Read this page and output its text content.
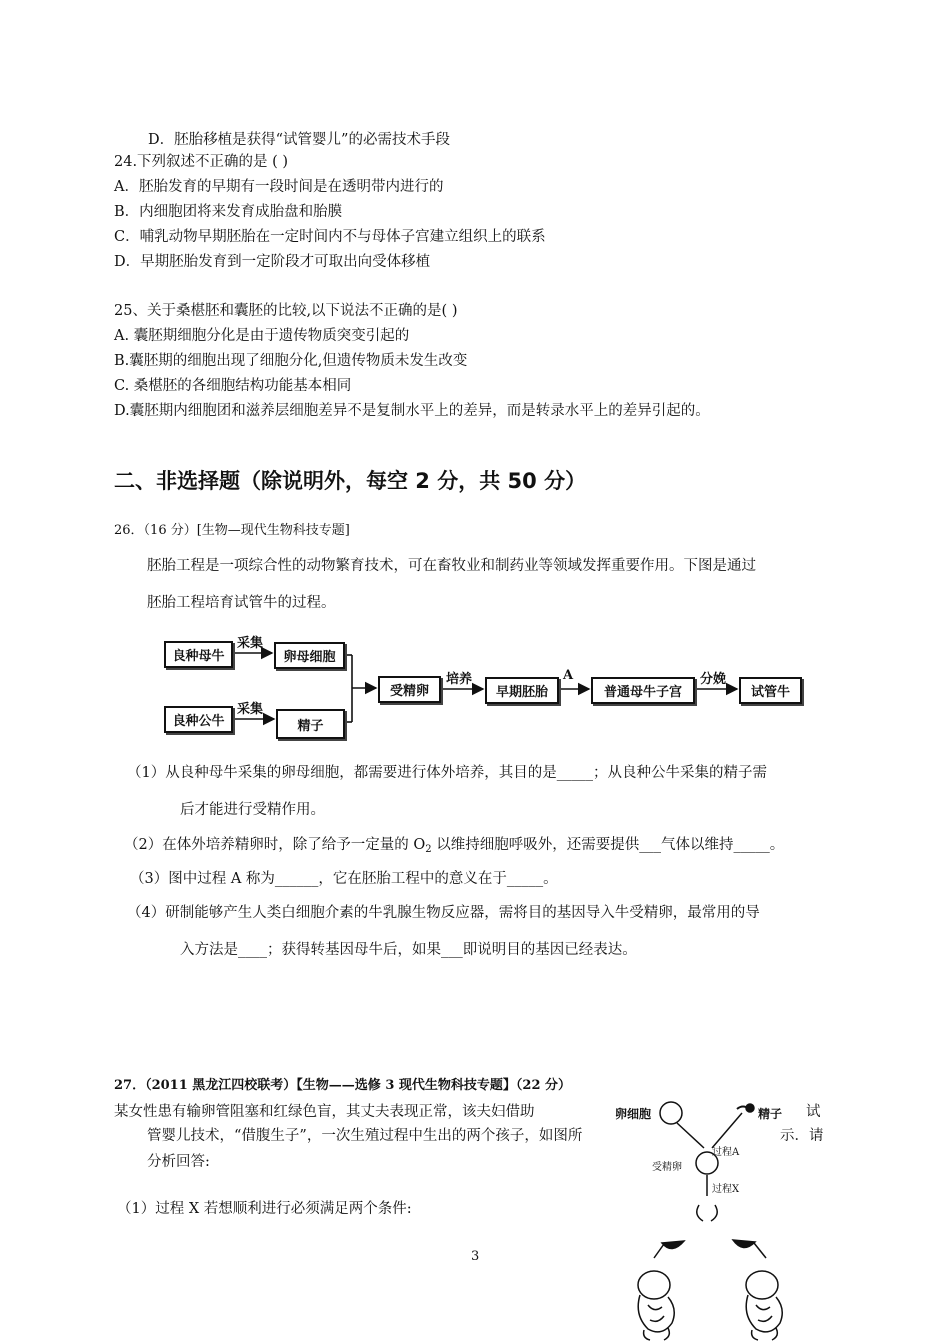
D．胚胎移植是获得“试管婴儿”的必需技术手段
24.下列叙述不正确的是 ( )
A．胚胎发育的早期有一段时间是在透明带内进行的
B．内细胞团将来发育成胎盘和胎膜
C．哺乳动物早期胚胎在一定时间内不与母体子宫建立组织上的联系
D．早期胚胎发育到一定阶段才可取出向受体移植
25、关于桑椹胚和囊胚的比较,以下说法不正确的是( )
A. 囊胚期细胞分化是由于遗传物质突变引起的
B.囊胚期的细胞出现了细胞分化,但遗传物质未发生改变
C. 桑椹胚的各细胞结构功能基本相同
D.囊胚期内细胞团和滋养层细胞差异不是复制水平上的差异，而是转录水平上的差异引起的。
二、非选择题（除说明外，每空 2 分，共 50 分）
26．（16 分）[生物—现代生物科技专题]
胚胎工程是一项综合性的动物繁育技术，可在畜牧业和制药业等领域发挥重要作用。下图是通过
胚胎工程培育试管牛的过程。
良种母牛
良种公牛
卵母细胞
精子
受精卵	早期胚胎	普通母牛子宫	试管牛
采集
采集
培养	A	分娩
（1）从良种母牛采集的卵母细胞，都需要进行体外培养，其目的是_____；从良种公牛采集的精子需
后才能进行受精作用。
（2）在体外培养精卵时，除了给予一定量的 $O_2$ 以维持细胞呼吸外，还需要提供___气体以维持_____。
（3）图中过程 A 称为______，它在胚胎工程中的意义在于_____。
（4）研制能够产生人类白细胞介素的牛乳腺生物反应器，需将目的基因导入牛受精卵，最常用的导
入方法是____；获得转基因母牛后，如果___即说明目的基因已经表达。
27．（2011 黑龙江四校联考）【生物——选修 3 现代生物科技专题】（22 分）
某女性患有输卵管阻塞和红绿色盲，其丈夫表现正常，该夫妇借助	试
管婴儿技术，“借腹生子”，一次生殖过程中生出的两个孩子，如图所	示．请
分析回答:
（1）过程 X 若想顺利进行必须满足两个条件:
卵细胞	精子
过程A
受精卵
过程X
3
